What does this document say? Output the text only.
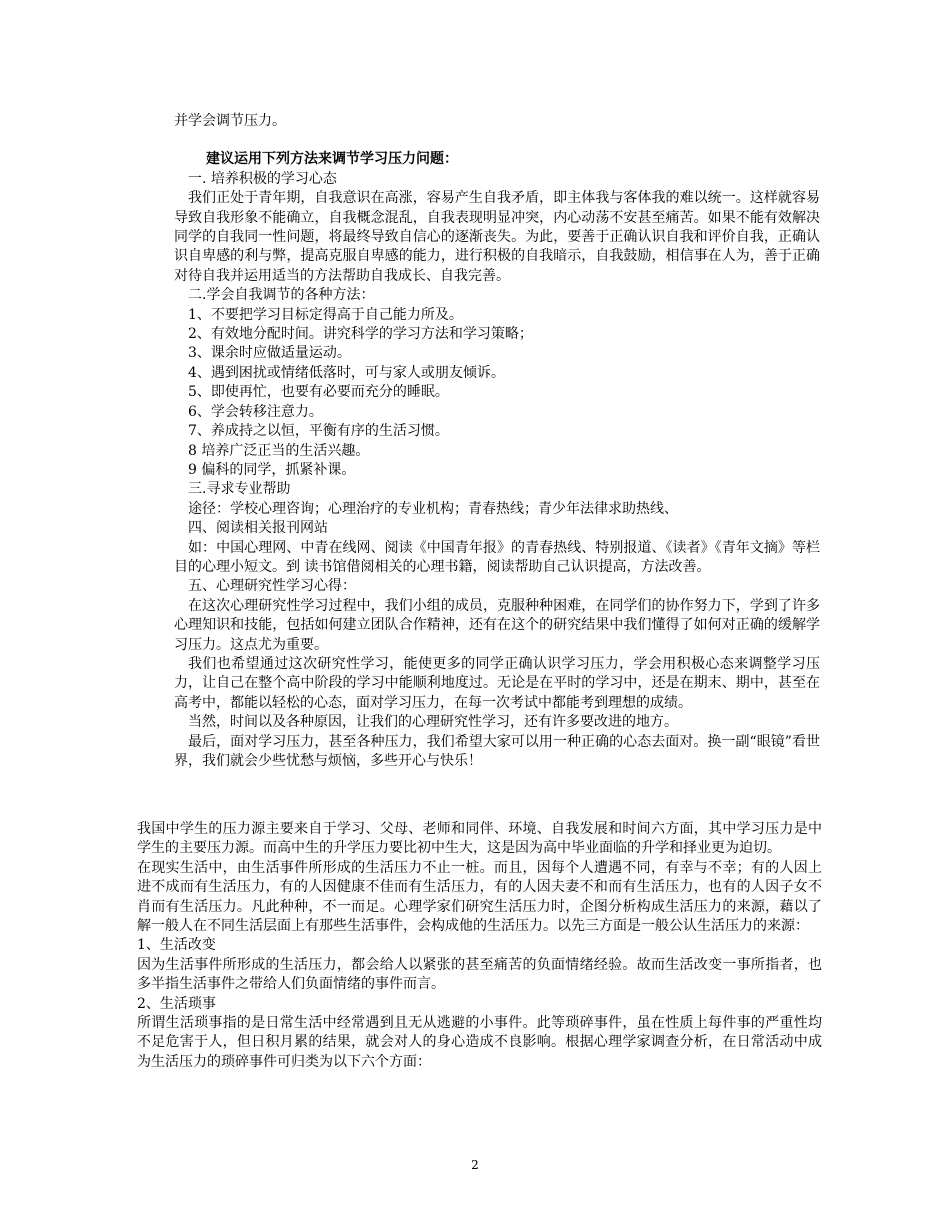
并学会调节压力。

建议运用下列方法来调节学习压力问题：

一. 培养积极的学习心态

我们正处于青年期，自我意识在高涨，容易产生自我矛盾，即主体我与客体我的难以统一。这样就容易导致自我形象不能确立，自我概念混乱，自我表现明显冲突，内心动荡不安甚至痛苦。如果不能有效解决同学的自我同一性问题，将最终导致自信心的逐渐丧失。为此，要善于正确认识自我和评价自我，正确认识自卑感的利与弊，提高克服自卑感的能力，进行积极的自我暗示，自我鼓励，相信事在人为，善于正确对待自我并运用适当的方法帮助自我成长、自我完善。

二.学会自我调节的各种方法：

1、不要把学习目标定得高于自己能力所及。

2、有效地分配时间。讲究科学的学习方法和学习策略；

3、课余时应做适量运动。

4、遇到困扰或情绪低落时，可与家人或朋友倾诉。

5、即使再忙，也要有必要而充分的睡眠。

6、学会转移注意力。

7、养成持之以恒，平衡有序的生活习惯。

8 培养广泛正当的生活兴趣。

9 偏科的同学，抓紧补课。

三.寻求专业帮助

途径：学校心理咨询；心理治疗的专业机构；青春热线；青少年法律求助热线、

四、阅读相关报刊网站

如：中国心理网、中青在线网、阅读《中国青年报》的青春热线、特别报道、《读者》《青年文摘》等栏目的心理小短文。到 读书馆借阅相关的心理书籍，阅读帮助自己认识提高，方法改善。

五、心理研究性学习心得：

在这次心理研究性学习过程中，我们小组的成员，克服种种困难，在同学们的协作努力下，学到了许多心理知识和技能，包括如何建立团队合作精神，还有在这个的研究结果中我们懂得了如何对正确的缓解学习压力。这点尤为重要。

我们也希望通过这次研究性学习，能使更多的同学正确认识学习压力，学会用积极心态来调整学习压力，让自己在整个高中阶段的学习中能顺利地度过。无论是在平时的学习中，还是在期末、期中，甚至在高考中，都能以轻松的心态，面对学习压力，在每一次考试中都能考到理想的成绩。

当然，时间以及各种原因，让我们的心理研究性学习，还有许多要改进的地方。

最后，面对学习压力，甚至各种压力，我们希望大家可以用一种正确的心态去面对。换一副“眼镜”看世界，我们就会少些忧愁与烦恼，多些开心与快乐！

我国中学生的压力源主要来自于学习、父母、老师和同伴、环境、自我发展和时间六方面，其中学习压力是中学生的主要压力源。而高中生的升学压力要比初中生大，这是因为高中毕业面临的升学和择业更为迫切。

在现实生活中，由生活事件所形成的生活压力不止一桩。而且，因每个人遭遇不同，有幸与不幸；有的人因上进不成而有生活压力，有的人因健康不佳而有生活压力，有的人因夫妻不和而有生活压力，也有的人因子女不肖而有生活压力。凡此种种，不一而足。心理学家们研究生活压力时，企图分析构成生活压力的来源，藉以了解一般人在不同生活层面上有那些生活事件，会构成他的生活压力。以先三方面是一般公认生活压力的来源：

1、生活改变

因为生活事件所形成的生活压力，都会给人以紧张的甚至痛苦的负面情绪经验。故而生活改变一事所指者，也多半指生活事件之带给人们负面情绪的事件而言。

2、生活琐事

所谓生活琐事指的是日常生活中经常遇到且无从逃避的小事件。此等琐碎事件，虽在性质上每件事的严重性均不足危害于人，但日积月累的结果，就会对人的身心造成不良影响。根据心理学家调查分析，在日常活动中成为生活压力的琐碎事件可归类为以下六个方面：

2
